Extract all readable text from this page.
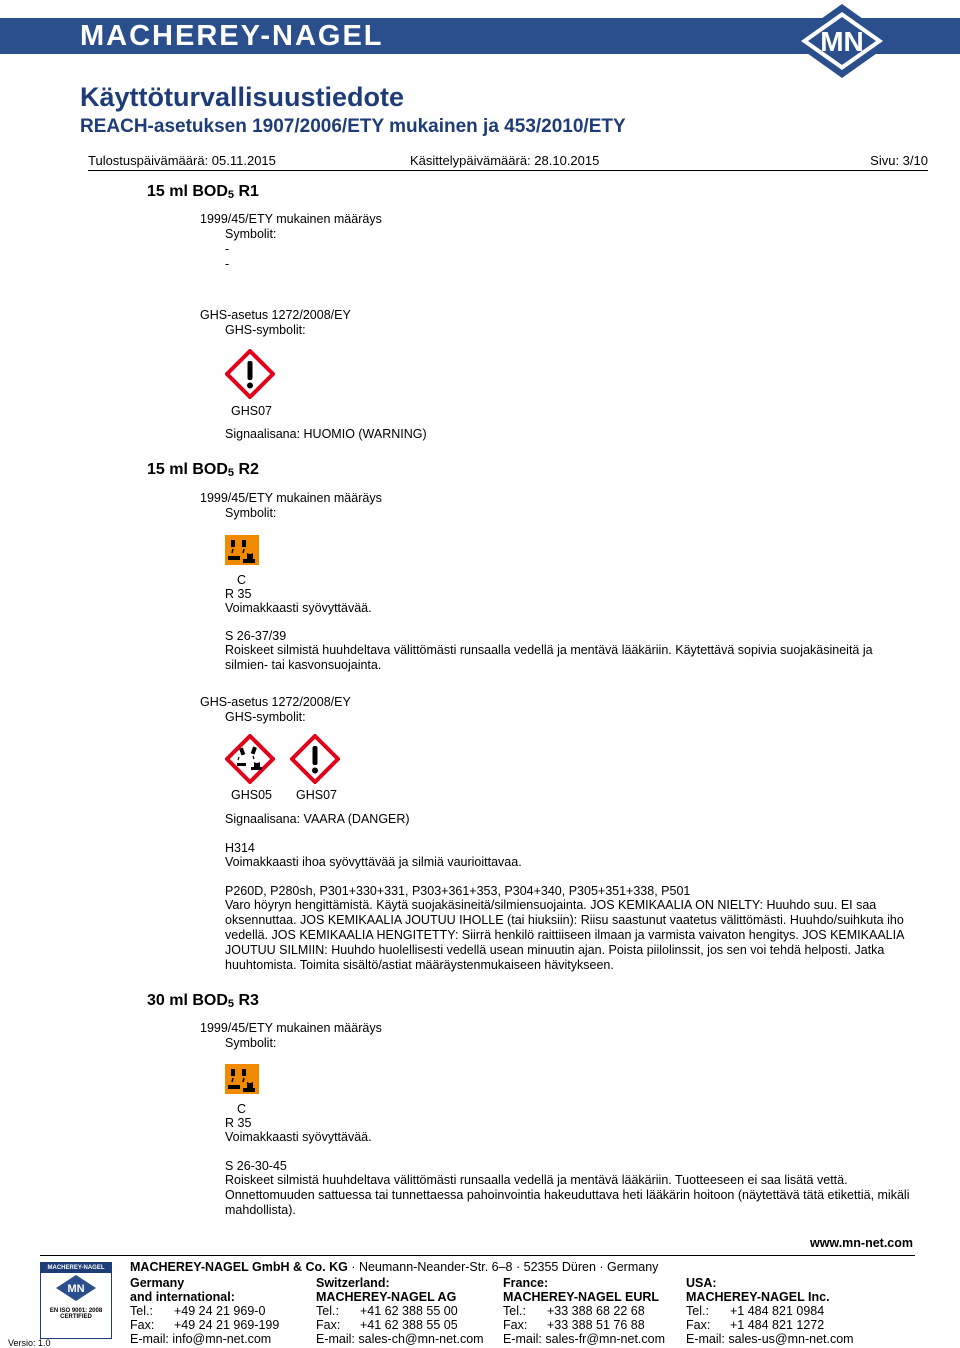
MACHEREY-NAGEL	MN
Käyttöturvallisuustiedote
REACH-asetuksen 1907/2006/ETY mukainen ja 453/2010/ETY
Tulostuspäivämäärä: 05.11.2015	Käsittelypäivämäärä: 28.10.2015	Sivu: 3/10
15 ml $BOD_5$ R1
1999/45/ETY mukainen määräys
Symbolit:
-
-
GHS-asetus 1272/2008/EY
GHS-symbolit:
GHS07
Signaalisana: HUOMIO (WARNING)
15 ml $BOD_5$ R2
1999/45/ETY mukainen määräys
Symbolit:
C
R 35
Voimakkaasti syövyttävää.
S 26-37/39
Roiskeet silmistä huuhdeltava välittömästi runsaalla vedellä ja mentävä lääkäriin. Käytettävä sopivia suojakäsineitä ja silmien- tai kasvonsuojainta.
GHS-asetus 1272/2008/EY
GHS-symbolit:
GHS05 GHS07
Signaalisana: VAARA (DANGER)
H314
Voimakkaasti ihoa syövyttävää ja silmiä vaurioittavaa.
P260D, P280sh, P301+330+331, P303+361+353, P304+340, P305+351+338, P501
Varo höyryn hengittämistä. Käytä suojakäsineitä/silmiensuojainta. JOS KEMIKAALIA ON NIELTY: Huuhdo suu. EI saa oksennuttaa. JOS KEMIKAALIA JOUTUU IHOLLE (tai hiuksiin): Riisu saastunut vaatetus välittömästi. Huuhdo/suihkuta iho vedellä. JOS KEMIKAALIA HENGITETTY: Siirrä henkilö raittiiseen ilmaan ja varmista vaivaton hengitys. JOS KEMIKAALIA JOUTUU SILMIIN: Huuhdo huolellisesti vedellä usean minuutin ajan. Poista piilolinssit, jos sen voi tehdä helposti. Jatka huuhtomista. Toimita sisältö/astiat määräystenmukaiseen hävitykseen.
30 ml $BOD_5$ R3
1999/45/ETY mukainen määräys
Symbolit:
C
R 35
Voimakkaasti syövyttävää.
S 26-30-45
Roiskeet silmistä huuhdeltava välittömästi runsaalla vedellä ja mentävä lääkäriin. Tuotteeseen ei saa lisätä vettä. Onnettomuuden sattuessa tai tunnettaessa pahoinvointia hakeuduttava heti lääkärin hoitoon (näytettävä tätä etikettiä, mikäli mahdollista).
www.mn-net.com
MACHEREY-NAGEL
MN
EN ISO 9001: 2008
CERTIFIED
Versio: 1.0
MACHEREY-NAGEL GmbH & Co. KG · Neumann-Neander-Str. 6–8 · 52355 Düren · Germany
Germany
and international:
Tel.: +49 24 21 969-0
Fax: +49 24 21 969-199
E-mail: info@mn-net.com
Switzerland:
MACHEREY-NAGEL AG
Tel.: +41 62 388 55 00
Fax: +41 62 388 55 05
E-mail: sales-ch@mn-net.com
France:
MACHEREY-NAGEL EURL
Tel.: +33 388 68 22 68
Fax: +33 388 51 76 88
E-mail: sales-fr@mn-net.com
USA:
MACHEREY-NAGEL Inc.
Tel.: +1 484 821 0984
Fax: +1 484 821 1272
E-mail: sales-us@mn-net.com
